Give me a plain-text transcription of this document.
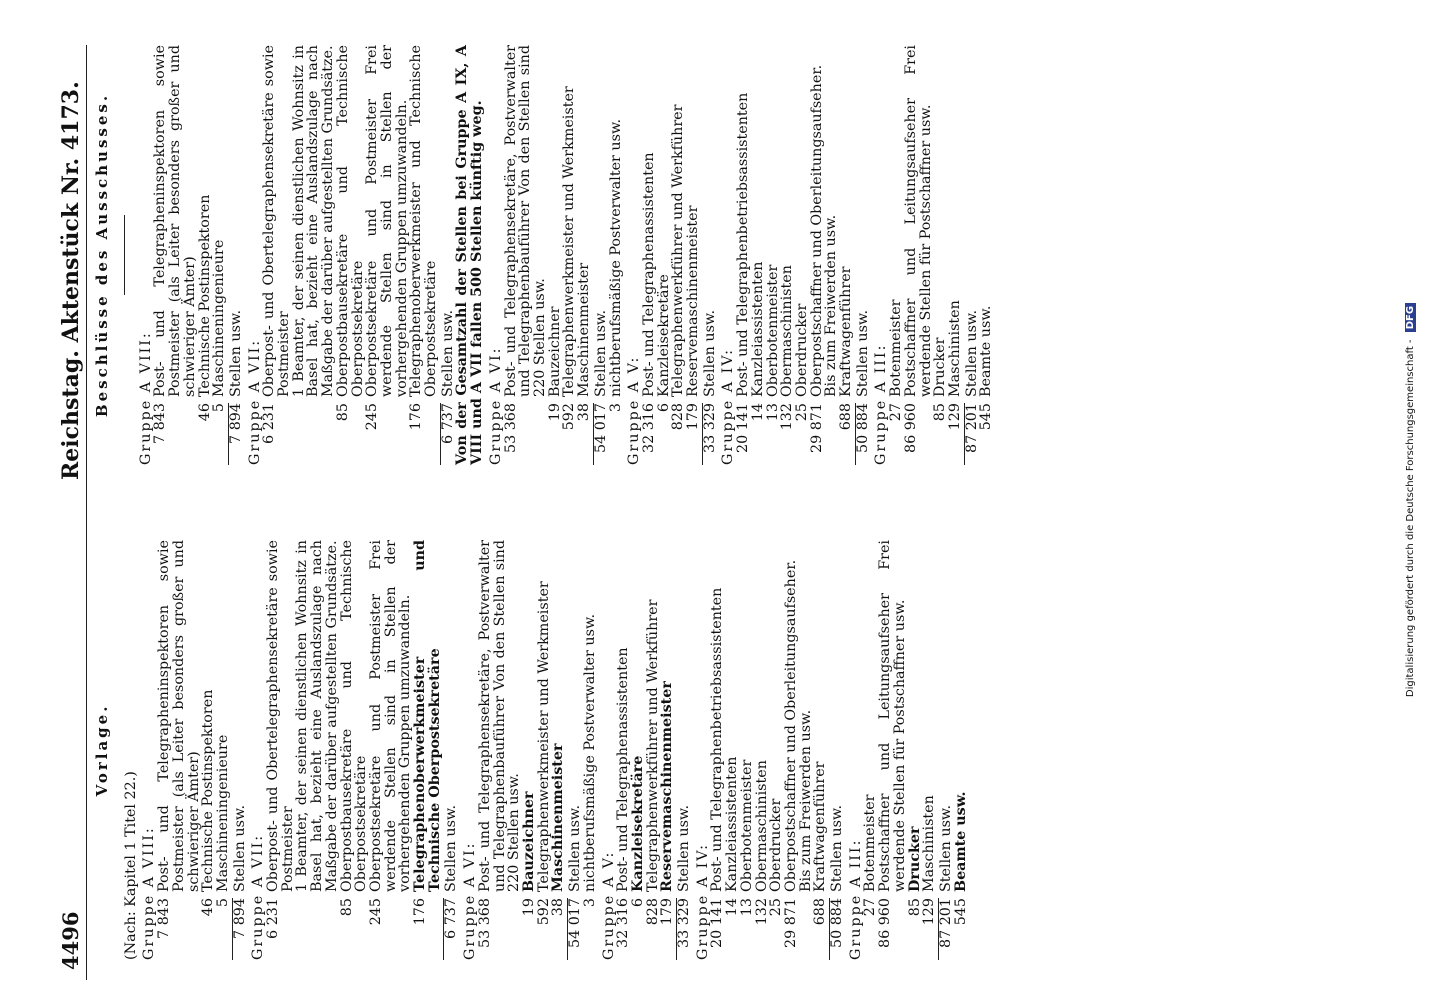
4496
Reichstag. Aktenstück Nr. 4173.
Vorlage.
(Nach: Kapitel 1 Titel 22.) Gruppe A VIII:
7 843
Post- und Telegrapheninspektoren sowie Postmeister (als Leiter besonders großer und schwieriger Ämter)
46
Technische Postinspektoren
5
Maschineningenieure
7 894
Stellen usw. Gruppe A VII:
6 231
Oberpost- und Obertelegraphensekretäre sowie Postmeister
1 Beamter, der seinen dienstlichen Wohnsitz in Basel hat, bezieht eine Auslandszulage nach Maßgabe der darüber aufgestellten Grundsätze.
85
Oberpostbausekretäre und Technische Oberpostsekretäre
245
Oberpostsekretäre und Postmeister Frei werdende Stellen sind in Stellen der vorhergehenden Gruppen umzuwandeln.
176
Telegraphenoberwerkmeister und Technische Oberpostsekretäre
6 737
Stellen usw. Gruppe A VI:
53 368
Post- und Telegraphensekretäre, Postverwalter und Telegraphenbauführer Von den Stellen sind 220 Stellen usw.
19
Bauzeichner
592
Telegraphenwerkmeister und Werkmeister
38
Maschinenmeister
54 017
Stellen usw.
3
nichtberufsmäßige Postverwalter usw.
Gruppe A V:
32 316
Post- und Telegraphenassistenten
6
Kanzleisekretäre
828
Telegraphenwerkführer und Werkführer
179
Reservemaschinenmeister
33 329
Stellen usw. Gruppe A IV:
20 141
Post- und Telegraphenbetriebsassistenten
14
Kanzleiassistenten
13
Oberbotenmeister
132
Obermaschinisten
25
Oberdrucker
29 871
Oberpostschaffner und Oberleitungsaufseher. Bis zum Freiwerden usw.
688
Kraftwagenführer
50 884
Stellen usw. Gruppe A III:
27
Botenmeister
86 960
Postschaffner und Leitungsaufseher Frei werdende Stellen für Postschaffner usw.
85
Drucker
129
Maschinisten
87 201
Stellen usw.
545
Beamte usw.
Beschlüsse des Ausschusses. Gruppe A VIII:
7 843
Post- und Telegrapheninspektoren sowie Postmeister (als Leiter besonders großer und schwieriger Ämter)
46
Technische Postinspektoren
5
Maschineningenieure
7 894
Stellen usw. Gruppe A VII:
6 231
Oberpost- und Obertelegraphensekretäre sowie Postmeister
1 Beamter, der seinen dienstlichen Wohnsitz in Basel hat, bezieht eine Auslandszulage nach Maßgabe der darüber aufgestellten Grundsätze.
85
Oberpostbausekretäre und Technische Oberpostsekretäre
245
Oberpostsekretäre und Postmeister Frei werdende Stellen sind in Stellen der vorhergehenden Gruppen umzuwandeln.
176
Telegraphenoberwerkmeister und Technische Oberpostsekretäre
6 737
Stellen usw.
Von der Gesamtzahl der Stellen bei Gruppe A IX, A VIII und A VII fallen 500 Stellen künftig weg. Gruppe A VI:
53 368
Post- und Telegraphensekretäre, Postverwalter und Telegraphenbauführer Von den Stellen sind 220 Stellen usw.
19
Bauzeichner
592
Telegraphenwerkmeister und Werkmeister
38
Maschinenmeister
54 017
Stellen usw.
3
nichtberufsmäßige Postverwalter usw.
Gruppe A V:
32 316
Post- und Telegraphenassistenten
6
Kanzleisekretäre
828
Telegraphenwerkführer und Werkführer
179
Reservemaschinenmeister
33 329
Stellen usw. Gruppe A IV:
20 141
Post- und Telegraphenbetriebsassistenten
14
Kanzleiassistenten
13
Oberbotenmeister
132
Obermaschinisten
25
Oberdrucker
29 871
Oberpostschaffner und Oberleitungsaufseher. Bis zum Freiwerden usw.
688
Kraftwagenführer
50 884
Stellen usw. Gruppe A III:
27
Botenmeister
86 960
Postschaffner und Leitungsaufseher Frei werdende Stellen für Postschaffner usw.
85
Drucker
129
Maschinisten
87 201
Stellen usw.
545
Beamte usw.	Digitalisierung gefördert durch die Deutsche Forschungsgemeinschaft - DFG
